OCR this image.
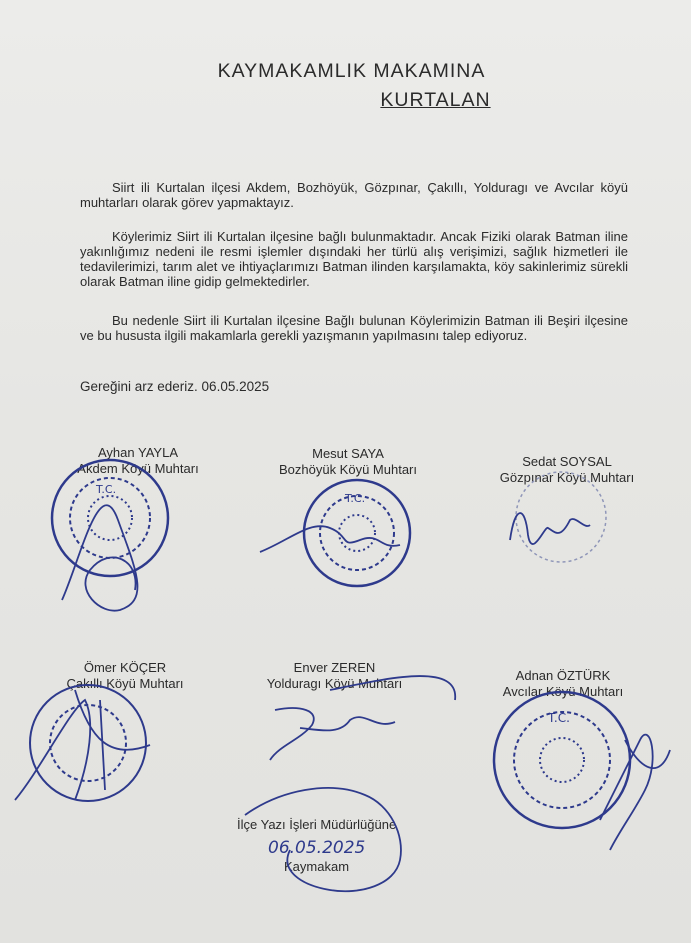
KAYMAKAMLIK MAKAMINA
KURTALAN
Siirt ili Kurtalan ilçesi Akdem, Bozhöyük, Gözpınar, Çakıllı, Yolduragı ve Avcılar köyü muhtarları olarak görev yapmaktayız.
Köylerimiz Siirt ili Kurtalan ilçesine bağlı bulunmaktadır. Ancak Fiziki olarak Batman iline yakınlığımız nedeni ile resmi işlemler dışındaki her türlü alış verişimizi, sağlık hizmetleri ile tedavilerimizi, tarım alet ve ihtiyaçlarımızı Batman ilinden karşılamakta, köy sakinlerimiz sürekli olarak Batman iline gidip gelmektedirler.
Bu nedenle Siirt ili Kurtalan ilçesine Bağlı bulunan Köylerimizin Batman ili Beşiri ilçesine ve bu hususta ilgili makamlarla gerekli yazışmanın yapılmasını talep ediyoruz.
Gereğini arz ederiz. 06.05.2025
Ayhan YAYLA
Akdem Köyü Muhtarı
Mesut SAYA
Bozhöyük Köyü Muhtarı
Sedat SOYSAL
Gözpınar Köyü Muhtarı
Ömer KÖÇER
Çakıllı Köyü Muhtarı
Enver ZEREN
Yolduragı Köyü Muhtarı
Adnan ÖZTÜRK
Avcılar Köyü Muhtarı
İlçe Yazı İşleri Müdürlüğüne
06.05.2025
Kaymakam
T.C.
T.C.
T.C.
